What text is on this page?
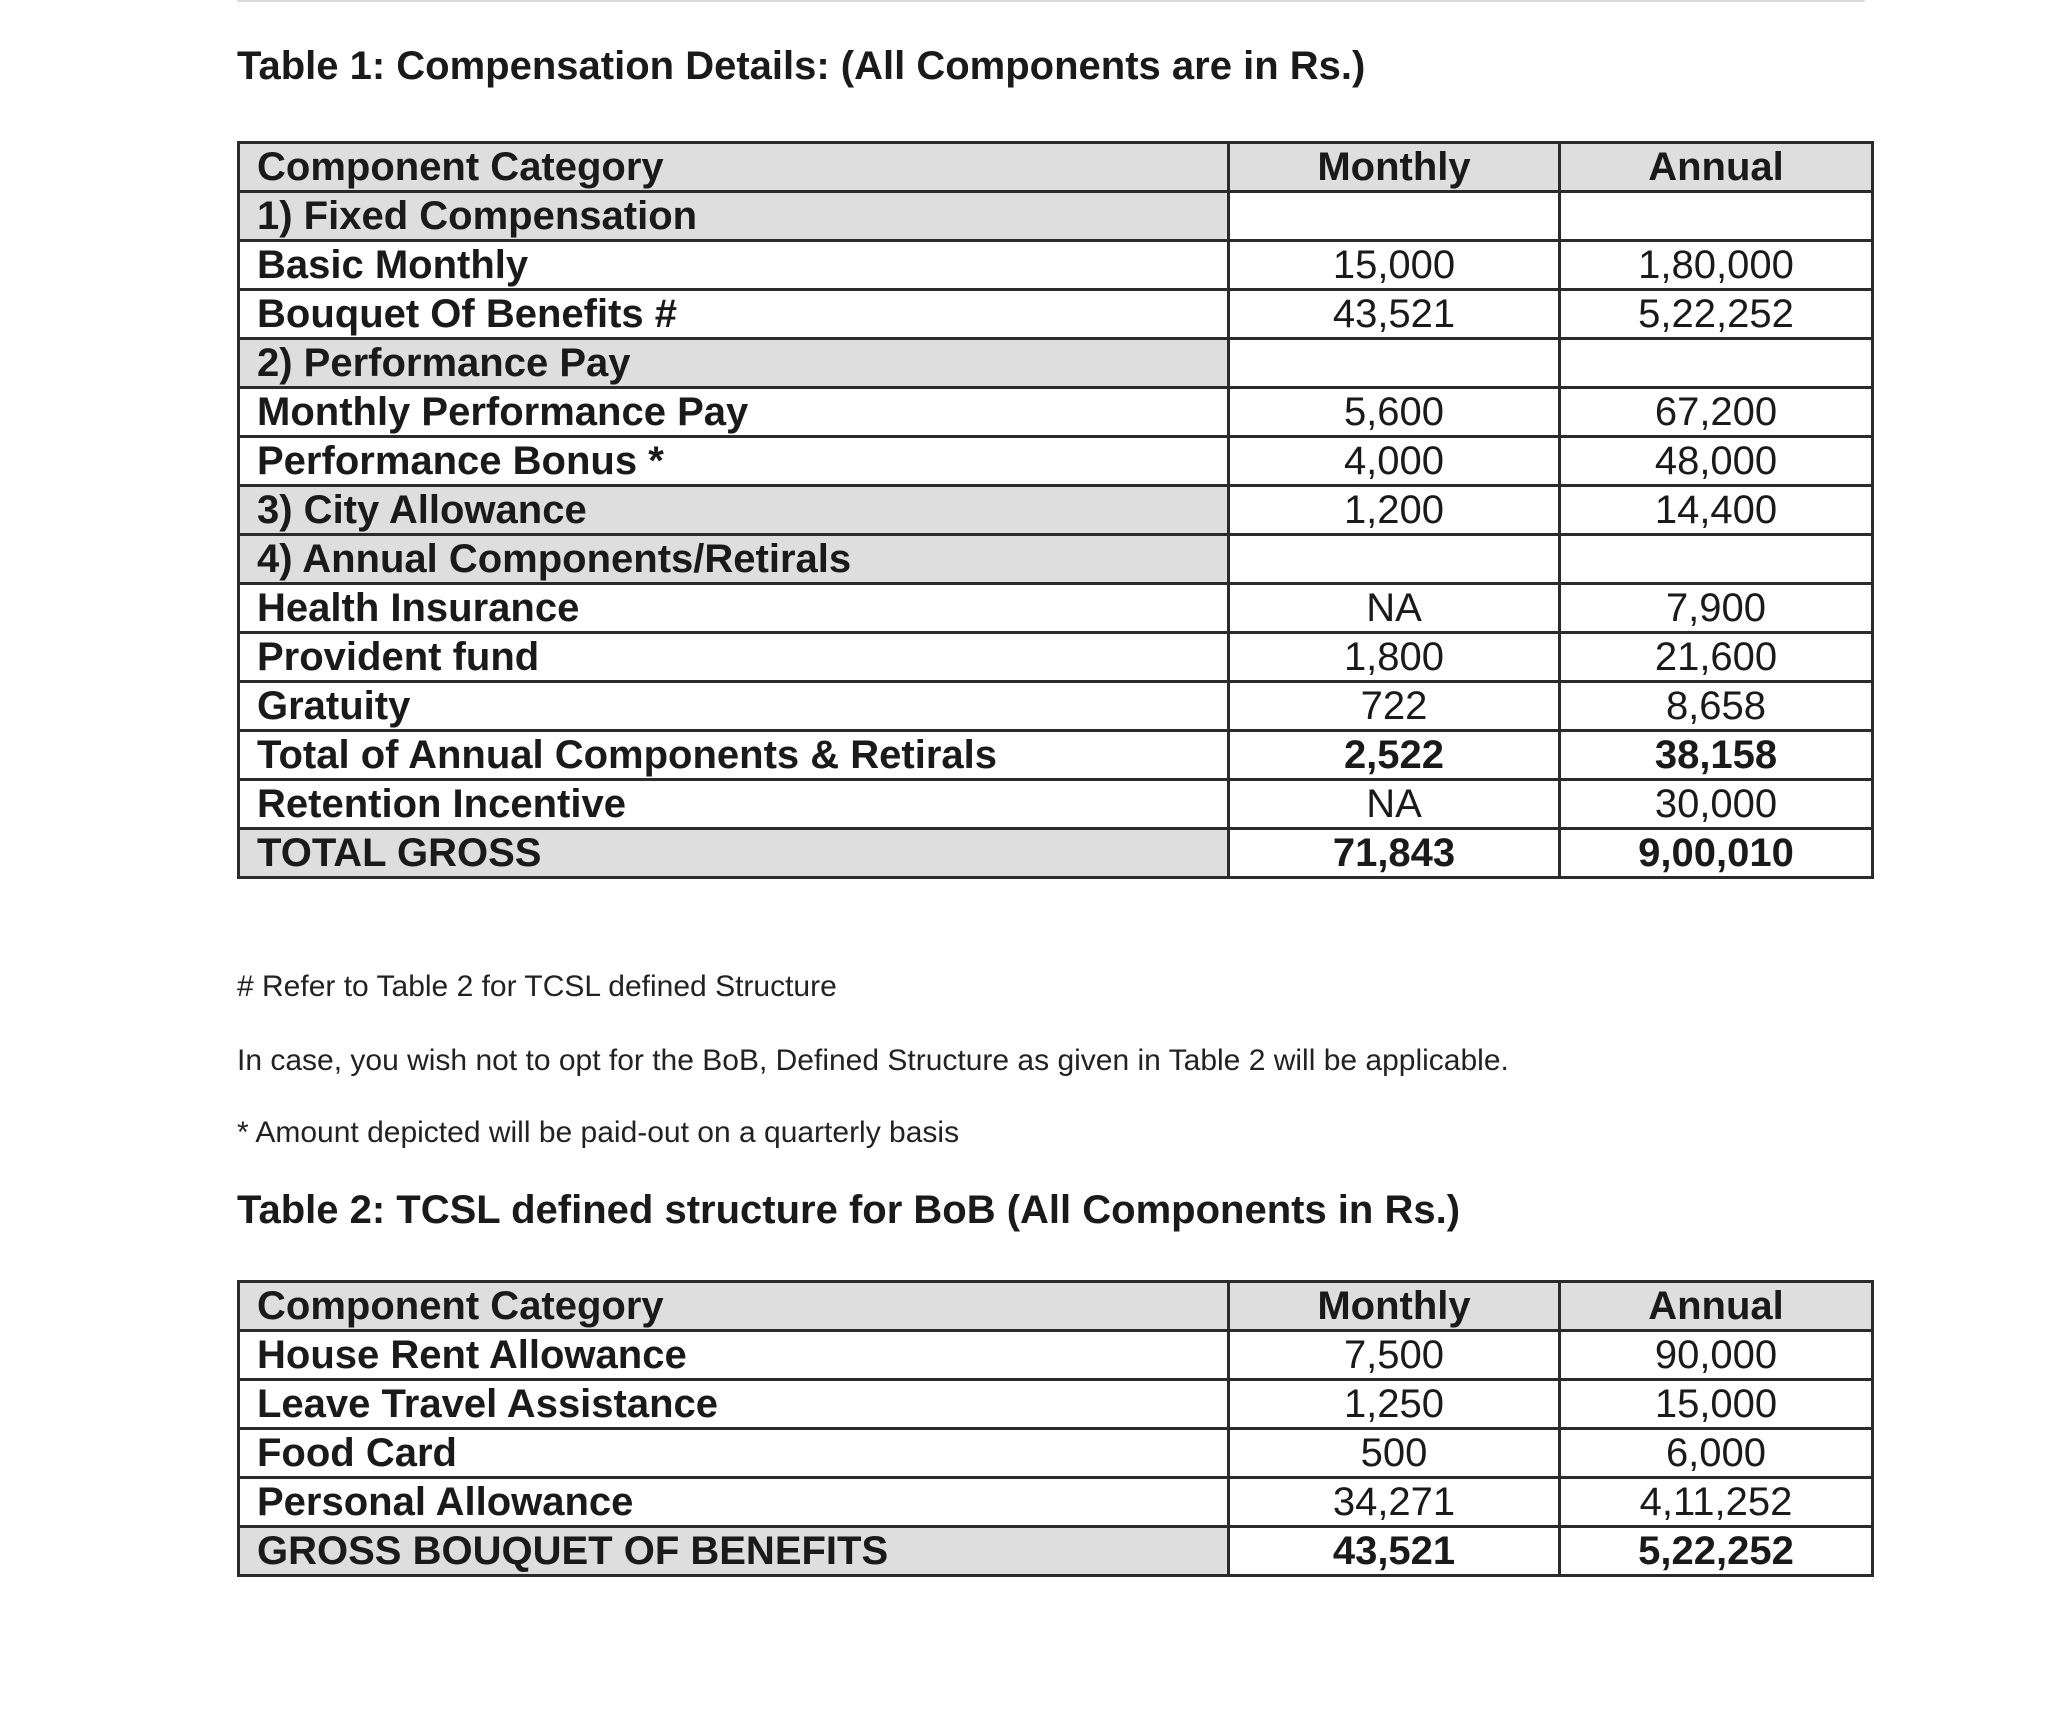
Table 1: Compensation Details: (All Components are in Rs.)
Component Category	Monthly	Annual
1) Fixed Compensation		
Basic Monthly	15,000	1,80,000
Bouquet Of Benefits #	43,521	5,22,252
2) Performance Pay		
Monthly Performance Pay	5,600	67,200
Performance Bonus *	4,000	48,000
3) City Allowance	1,200	14,400
4) Annual Components/Retirals		
Health Insurance	NA	7,900
Provident fund	1,800	21,600
Gratuity	722	8,658
Total of Annual Components & Retirals	2,522	38,158
Retention Incentive	NA	30,000
TOTAL GROSS	71,843	9,00,010

# Refer to Table 2 for TCSL defined Structure

In case, you wish not to opt for the BoB, Defined Structure as given in Table 2 will be applicable.

* Amount depicted will be paid-out on a quarterly basis

Table 2: TCSL defined structure for BoB (All Components in Rs.)
Component Category	Monthly	Annual
House Rent Allowance	7,500	90,000
Leave Travel Assistance	1,250	15,000
Food Card	500	6,000
Personal Allowance	34,271	4,11,252
GROSS BOUQUET OF BENEFITS	43,521	5,22,252
